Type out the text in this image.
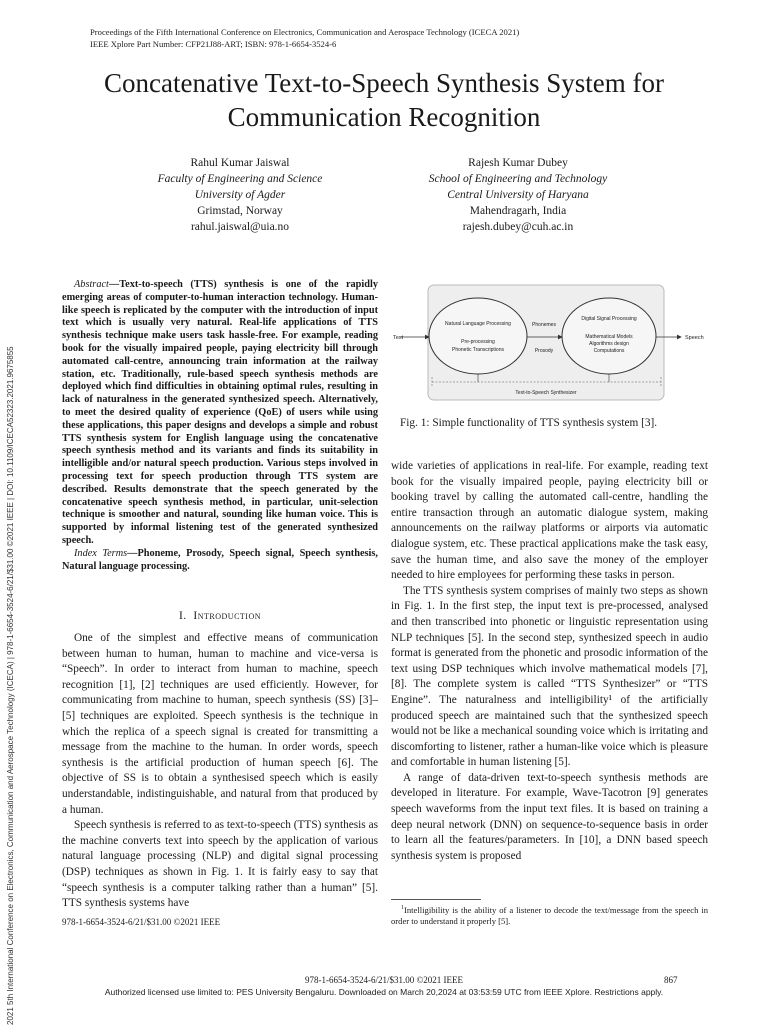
Proceedings of the Fifth International Conference on Electronics, Communication and Aerospace Technology (ICECA 2021)
IEEE Xplore Part Number: CFP21J88-ART; ISBN: 978-1-6654-3524-6
2021 5th International Conference on Electronics, Communication and Aerospace Technology (ICECA) | 978-1-6654-3524-6/21/$31.00 ©2021 IEEE | DOI: 10.1109/ICECA52323.2021.9675855
Concatenative Text-to-Speech Synthesis System for
Communication Recognition
Rahul Kumar Jaiswal
Faculty of Engineering and Science
University of Agder
Grimstad, Norway
rahul.jaiswal@uia.no
Rajesh Kumar Dubey
School of Engineering and Technology
Central University of Haryana
Mahendragarh, India
rajesh.dubey@cuh.ac.in

Abstract—Text-to-speech (TTS) synthesis is one of the rapidly emerging areas of computer-to-human interaction technology. Human-like speech is replicated by the computer with the introduction of input text which is usually very natural. Real-life applications of TTS synthesis technique make users task hassle-free. For example, reading book for the visually impaired people, paying electricity bill through automated call-centre, announcing train information at the railway station, etc. Traditionally, rule-based speech synthesis methods are deployed which find difficulties in obtaining optimal rules, resulting in lack of naturalness in the generated synthesized speech. Alternatively, to meet the desired quality of experience (QoE) of users while using these applications, this paper designs and develops a simple and robust TTS synthesis system for English language using the concatenative speech synthesis method and its variants and finds its suitability in intelligible and/or natural speech production. Various steps involved in processing text for speech production through TTS system are described. Results demonstrate that the speech generated by the concatenative speech synthesis method, in particular, unit-selection technique is smoother and natural, sounding like human voice. This is supported by informal listening test of the generated synthesized speech.

Index Terms—Phoneme, Prosody, Speech signal, Speech synthesis, Natural language processing.

I. Introduction

One of the simplest and effective means of communication between human to human, human to machine and vice-versa is “Speech”. In order to interact from human to machine, speech recognition [1], [2] techniques are used efficiently. However, for communicating from machine to human, speech synthesis (SS) [3]–[5] techniques are exploited. Speech synthesis is the technique in which the replica of a speech signal is created for transmitting a message from the machine to the human. In order words, speech synthesis is the artificial production of human speech [6]. The objective of SS is to obtain a synthesised speech which is easily understandable, indistinguishable, and natural from that produced by a human.

Speech synthesis is referred to as text-to-speech (TTS) synthesis as the machine converts text into speech by the application of various natural language processing (NLP) and digital signal processing (DSP) techniques as shown in Fig. 1. It is fairly easy to say that “speech synthesis is a computer talking rather than a human” [5]. TTS synthesis systems have

978-1-6654-3524-6/21/$31.00 ©2021 IEEE
Text	Speech
Natural Language Processing
Pre-processing
Phonetic Transcriptions
Phonemes
Prosody
Digital Signal Processing
Mathematical Models
Algorithms design
Computations
Text-to-Speech Synthesizer
Fig. 1: Simple functionality of TTS synthesis system [3].

wide varieties of applications in real-life. For example, reading text book for the visually impaired people, paying electricity bill or booking travel by calling the automated call-centre, handling the entire transaction through an automatic dialogue system, making announcements on the railway platforms or airports via automatic dialogue system, etc. These practical applications make the task easy, save the human time, and also save the money of the employer needed to hire employees for performing these tasks in person.

The TTS synthesis system comprises of mainly two steps as shown in Fig. 1. In the first step, the input text is pre-processed, analysed and then transcribed into phonetic or linguistic representation using NLP techniques [5]. In the second step, synthesized speech in audio format is generated from the phonetic and prosodic information of the text using DSP techniques which involve mathematical models [7], [8]. The complete system is called “TTS Synthesizer” or “TTS Engine”. The naturalness and intelligibility¹ of the artificially produced speech are maintained such that the synthesized speech would not be like a mechanical sounding voice which is irritating and discomforting to listener, rather a human-like voice which is pleasure and comfortable in human listening [5].

A range of data-driven text-to-speech synthesis methods are developed in literature. For example, Wave-Tacotron [9] generates speech waveforms from the input text files. It is based on training a deep neural network (DNN) on sequence-to-sequence basis in order to learn all the features/parameters. In [10], a DNN based speech synthesis system is proposed

$^1$Intelligibility is the ability of a listener to decode the text/message from the speech in order to understand it properly [5].
978-1-6654-3524-6/21/$31.00 ©2021 IEEE	867
Authorized licensed use limited to: PES University Bengaluru. Downloaded on March 20,2024 at 03:53:59 UTC from IEEE Xplore. Restrictions apply.
